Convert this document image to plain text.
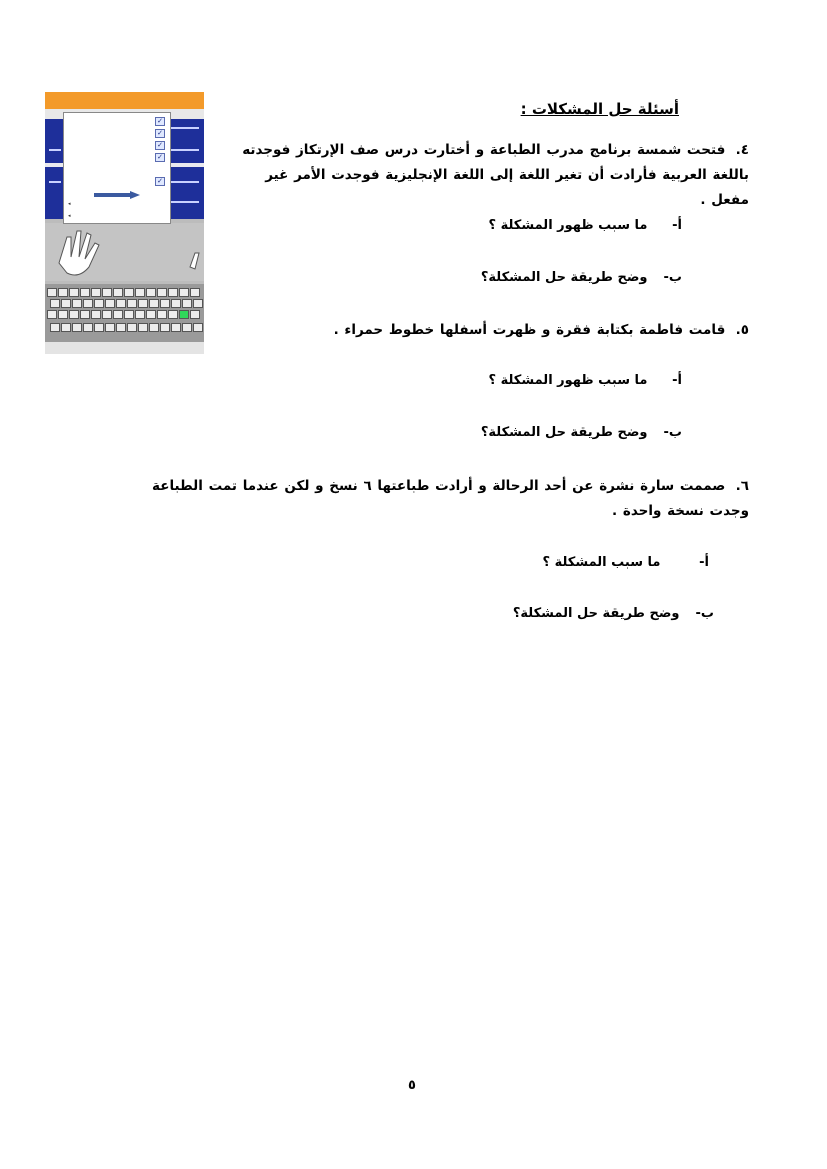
✓
✓
✓
✓
✓
◂
◂
أسئلة حل المشكلات :
٤. فتحت شمسة برنامج مدرب الطباعة و أختارت درس صف الإرتكاز فوجدته باللغة العربية فأرادت أن تغير اللغة إلى اللغة الإنجليزية فوجدت الأمر غير مفعل .
أ- ما سبب ظهور المشكلة ؟
ب- وضح طريقة حل المشكلة؟
٥. قامت فاطمة بكتابة فقرة و ظهرت أسفلها خطوط حمراء .
أ- ما سبب ظهور المشكلة ؟
ب- وضح طريقة حل المشكلة؟
٦. صممت سارة نشرة عن أحد الرحالة و أرادت طباعتها ٦ نسخ و لكن عندما تمت الطباعة وجدت نسخة واحدة .
أ- ما سبب المشكلة ؟
ب- وضح طريقة حل المشكلة؟
٥
